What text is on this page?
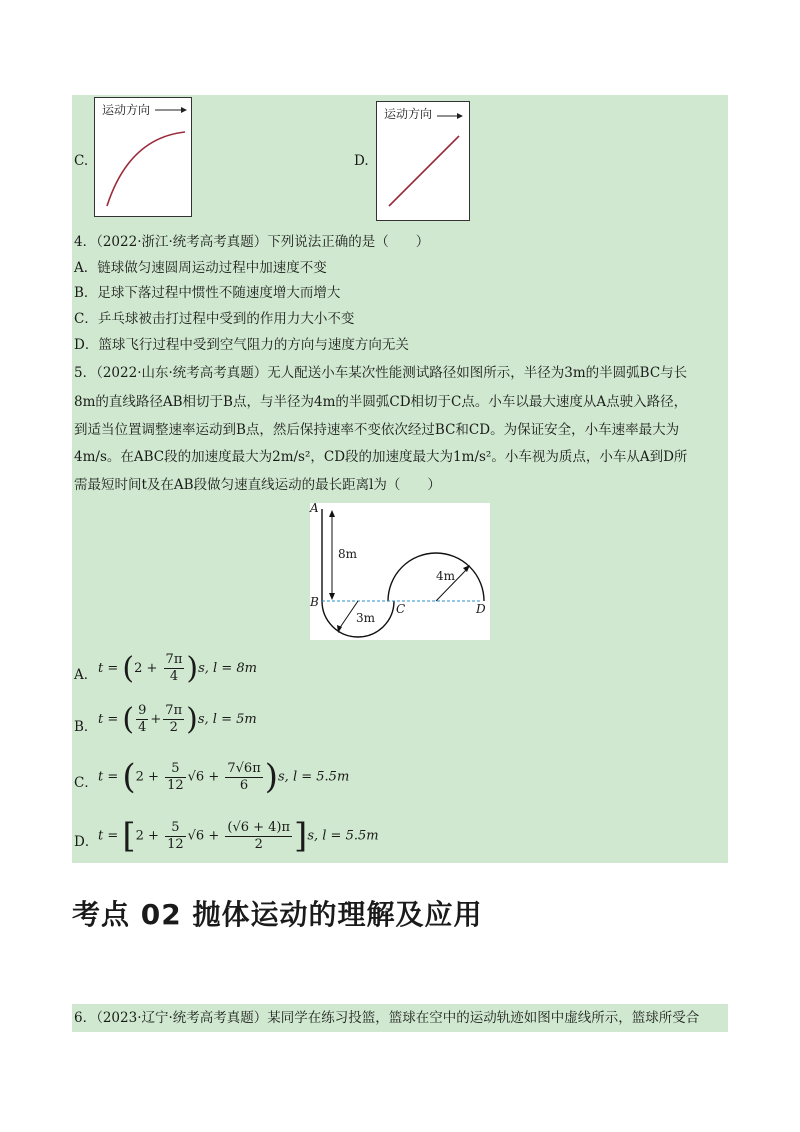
C.
运动方向
D.
运动方向
4．（2022·浙江·统考高考真题）下列说法正确的是（　　）
A．链球做匀速圆周运动过程中加速度不变
B．足球下落过程中惯性不随速度增大而增大
C．乒乓球被击打过程中受到的作用力大小不变
D．篮球飞行过程中受到空气阻力的方向与速度方向无关
5．（2022·山东·统考高考真题）无人配送小车某次性能测试路径如图所示，半径为3m的半圆弧BC与长
8m的直线路径AB相切于B点，与半径为4m的半圆弧CD相切于C点。小车以最大速度从A点驶入路径，
到适当位置调整速率运动到B点，然后保持速率不变依次经过BC和CD。为保证安全，小车速率最大为
4m/s。在ABC段的加速度最大为2m/s²，CD段的加速度最大为1m/s²。小车视为质点，小车从A到D所
需最短时间t及在AB段做匀速直线运动的最长距离l为（　　）
A
B	C	D
8m
3m
4m
A． $t = (2 + \frac{7\pi}{4} )s$, l = 8m
B． t = ( $\frac{9}{4} + \frac{7\pi}{2} )s$, l = 5m
C． $t = (2 + \frac{5}{12} √6 + \frac{7√6\pi}{6} )s$, l = 5.5m
D． $t = [2 + \frac{5}{12} √6 + \frac{(√6 + 4)\pi}{2} ]s$, l = 5.5m
考点 02 抛体运动的理解及应用
6．（2023·辽宁·统考高考真题）某同学在练习投篮，篮球在空中的运动轨迹如图中虚线所示，篮球所受合
